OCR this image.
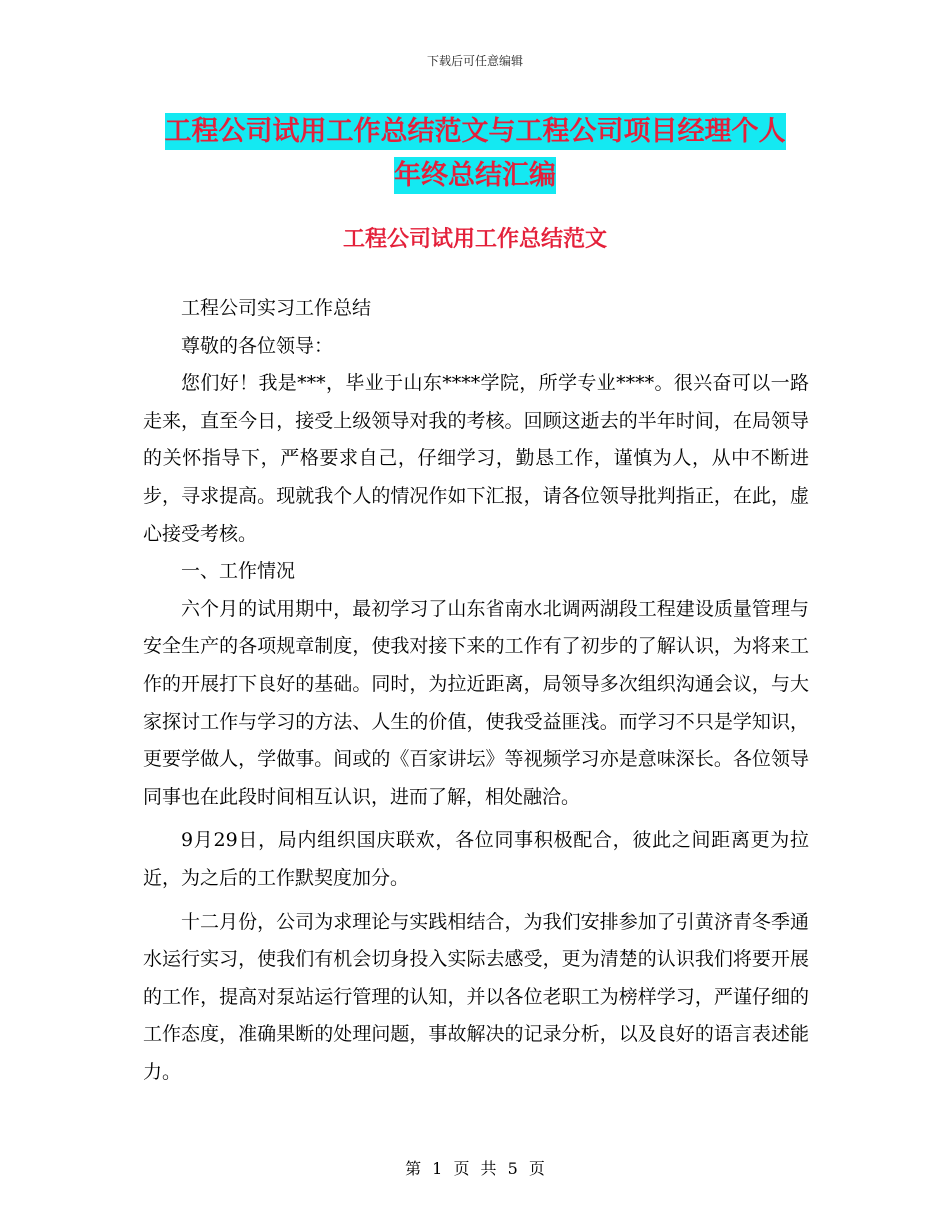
下载后可任意编辑
工程公司试用工作总结范文与工程公司项目经理个人
年终总结汇编
工程公司试用工作总结范文

工程公司实习工作总结

尊敬的各位领导：

您们好！我是***，毕业于山东****学院，所学专业****。很兴奋可以一路走来，直至今日，接受上级领导对我的考核。回顾这逝去的半年时间，在局领导的关怀指导下，严格要求自己，仔细学习，勤恳工作，谨慎为人，从中不断进步，寻求提高。现就我个人的情况作如下汇报，请各位领导批判指正，在此，虚心接受考核。

一、工作情况

六个月的试用期中，最初学习了山东省南水北调两湖段工程建设质量管理与安全生产的各项规章制度，使我对接下来的工作有了初步的了解认识，为将来工作的开展打下良好的基础。同时，为拉近距离，局领导多次组织沟通会议，与大家探讨工作与学习的方法、人生的价值，使我受益匪浅。而学习不只是学知识，更要学做人，学做事。间或的《百家讲坛》等视频学习亦是意味深长。各位领导同事也在此段时间相互认识，进而了解，相处融洽。

9月29日，局内组织国庆联欢，各位同事积极配合，彼此之间距离更为拉近，为之后的工作默契度加分。

十二月份，公司为求理论与实践相结合，为我们安排参加了引黄济青冬季通水运行实习，使我们有机会切身投入实际去感受，更为清楚的认识我们将要开展的工作，提高对泵站运行管理的认知，并以各位老职工为榜样学习，严谨仔细的工作态度，准确果断的处理问题，事故解决的记录分析，以及良好的语言表述能力。

第 1 页 共 5 页
